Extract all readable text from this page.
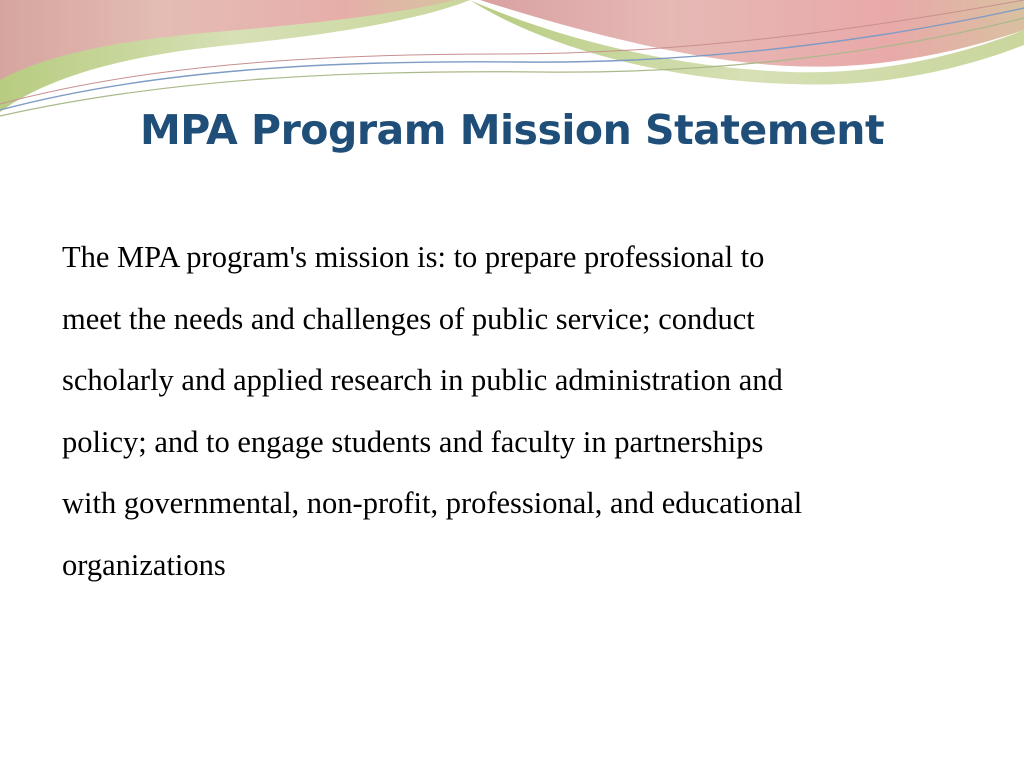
MPA Program Mission Statement

The MPA program's mission is: to prepare professional to
meet the needs and challenges of public service; conduct
scholarly and applied research in public administration and
policy; and to engage students and faculty in partnerships
with governmental, non-profit, professional, and educational
organizations
